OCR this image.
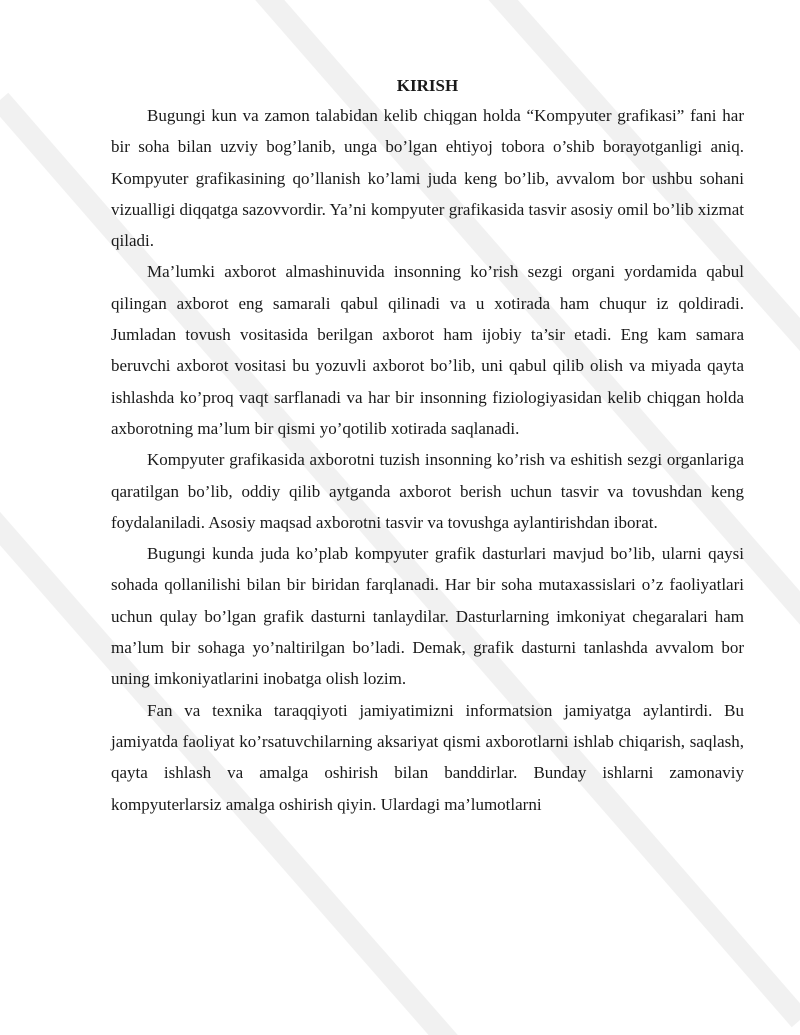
KIRISH

Bugungi kun va zamon talabidan kelib chiqgan holda “Kompyuter grafikasi” fani har bir soha bilan uzviy bog’lanib, unga bo’lgan ehtiyoj tobora o’shib borayotganligi aniq. Kompyuter grafikasining qo’llanish ko’lami juda keng bo’lib, avvalom bor ushbu sohani vizualligi diqqatga sazovvordir. Ya’ni kompyuter grafikasida tasvir asosiy omil bo’lib xizmat qiladi.

Ma’lumki axborot almashinuvida insonning ko’rish sezgi organi yordamida qabul qilingan axborot eng samarali qabul qilinadi va u xotirada ham chuqur iz qoldiradi. Jumladan tovush vositasida berilgan axborot ham ijobiy ta’sir etadi. Eng kam samara beruvchi axborot vositasi bu yozuvli axborot bo’lib, uni qabul qilib olish va miyada qayta ishlashda ko’proq vaqt sarflanadi va har bir insonning fiziologiyasidan kelib chiqgan holda axborotning ma’lum bir qismi yo’qotilib xotirada saqlanadi.

Kompyuter grafikasida axborotni tuzish insonning ko’rish va eshitish sezgi organlariga qaratilgan bo’lib, oddiy qilib aytganda axborot berish uchun tasvir va tovushdan keng foydalaniladi. Asosiy maqsad axborotni tasvir va tovushga aylantirishdan iborat.

Bugungi kunda juda ko’plab kompyuter grafik dasturlari mavjud bo’lib, ularni qaysi sohada qollanilishi bilan bir biridan farqlanadi. Har bir soha mutaxassislari o’z faoliyatlari uchun qulay bo’lgan grafik dasturni tanlaydilar. Dasturlarning imkoniyat chegaralari ham ma’lum bir sohaga yo’naltirilgan bo’ladi. Demak, grafik dasturni tanlashda avvalom bor uning imkoniyatlarini inobatga olish lozim.

Fan va texnika taraqqiyoti jamiyatimizni informatsion jamiyatga aylantirdi. Bu jamiyatda faoliyat ko’rsatuvchilarning aksariyat qismi axborotlarni ishlab chiqarish, saqlash, qayta ishlash va amalga oshirish bilan banddirlar. Bunday ishlarni zamonaviy kompyuterlarsiz amalga oshirish qiyin. Ulardagi ma’lumotlarni
